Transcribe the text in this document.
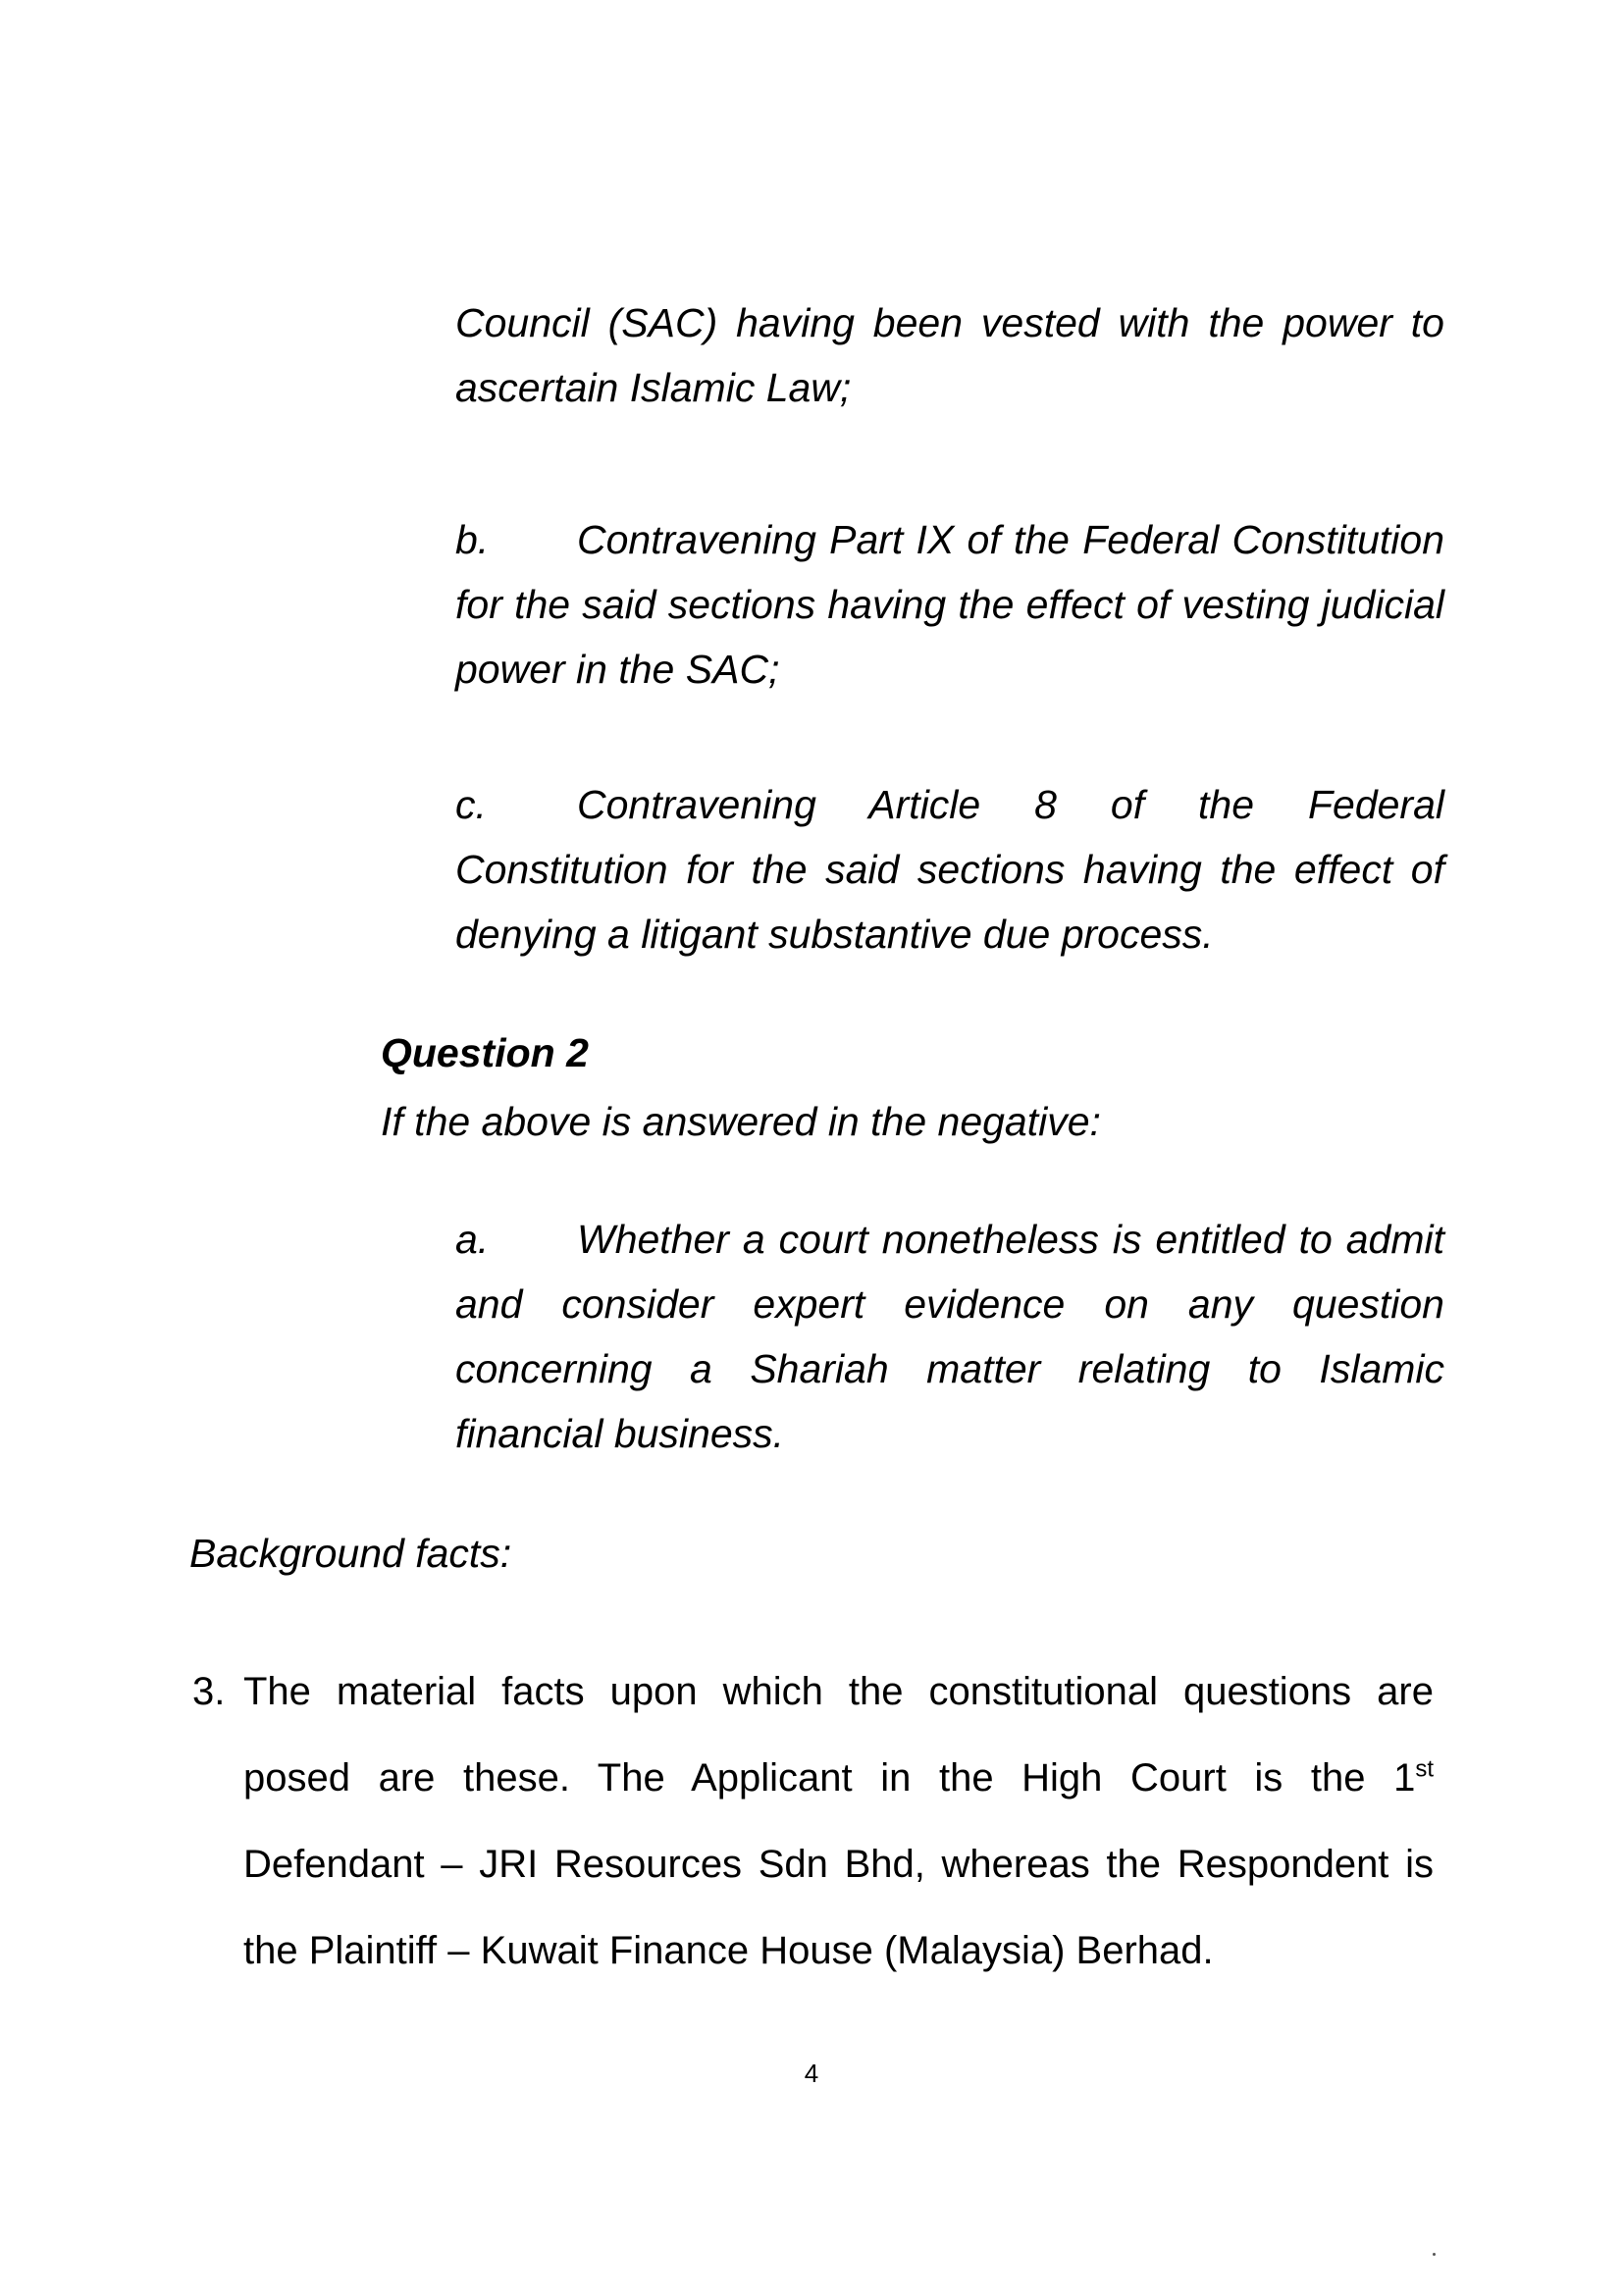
Council (SAC) having been vested with the power to
ascertain Islamic Law;
b. Contravening Part IX of the Federal Constitution
for the said sections having the effect of vesting judicial
power in the SAC;
c. Contravening Article 8 of the Federal
Constitution for the said sections having the effect of
denying a litigant substantive due process.
Question 2
If the above is answered in the negative:
a. Whether a court nonetheless is entitled to admit
and consider expert evidence on any question
concerning a Shariah matter relating to Islamic
financial business.
Background facts:
3. The material facts upon which the constitutional questions are posed are these. The Applicant in the High Court is the 1st Defendant – JRI Resources Sdn Bhd, whereas the Respondent is the Plaintiff – Kuwait Finance House (Malaysia) Berhad.
4
